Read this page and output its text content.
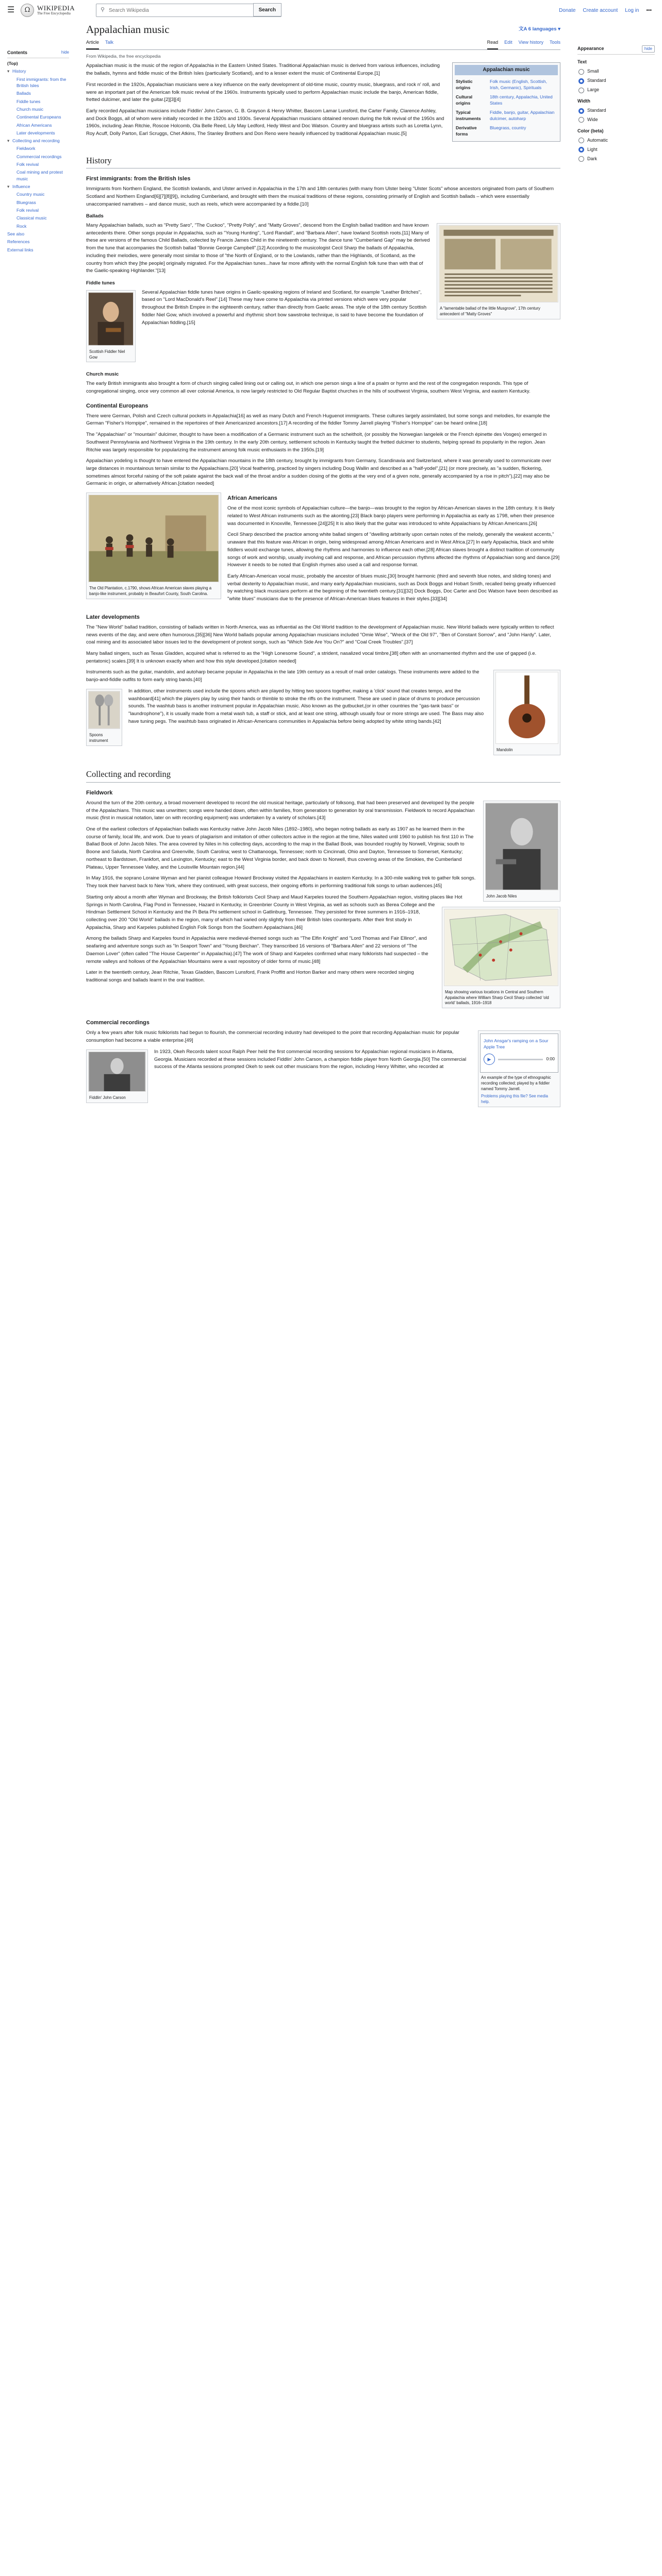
☰	Ω	WIKIPEDIA
The Free Encyclopedia
⚲
Search Wikipedia	Search	Donate Create account Log in •••
Contents	hide
(Top)
▾ History
First immigrants: from the British Isles
Ballads
Fiddle tunes
Church music
Continental Europeans
African Americans
Later developments
▾ Collecting and recording
Fieldwork
Commercial recordings
Folk revival
Coal mining and protest music
▾ Influence
Country music
Bluegrass
Folk revival
Classical music
Rock
See also
References
External links
Appalachian music	文A 6 languages ▾
Article Talk	Read Edit View history Tools
From Wikipedia, the free encyclopedia
Appalachian music
Stylistic origins	Folk music (English, Scottish, Irish, Germanic), Spirituals
Cultural origins	18th century, Appalachia, United States
Typical instruments	Fiddle, banjo, guitar, Appalachian dulcimer, autoharp
Derivative forms	Bluegrass, country

Appalachian music is the music of the region of Appalachia in the Eastern United States. Traditional Appalachian music is derived from various influences, including the ballads, hymns and fiddle music of the British Isles (particularly Scotland), and to a lesser extent the music of Continental Europe.[1]

First recorded in the 1920s, Appalachian musicians were a key influence on the early development of old-time music, country music, bluegrass, and rock n' roll, and were an important part of the American folk music revival of the 1960s. Instruments typically used to perform Appalachian music include the banjo, American fiddle, fretted dulcimer, and later the guitar.[2][3][4]

Early recorded Appalachian musicians include Fiddlin' John Carson, G. B. Grayson & Henry Whitter, Bascom Lamar Lunsford, the Carter Family, Clarence Ashley, and Dock Boggs, all of whom were initially recorded in the 1920s and 1930s. Several Appalachian musicians obtained renown during the folk revival of the 1950s and 1960s, including Jean Ritchie, Roscoe Holcomb, Ola Belle Reed, Lily May Ledford, Hedy West and Doc Watson. Country and bluegrass artists such as Loretta Lynn, Roy Acuff, Dolly Parton, Earl Scruggs, Chet Atkins, The Stanley Brothers and Don Reno were heavily influenced by traditional Appalachian music.[5]

History
First immigrants: from the British Isles

Immigrants from Northern England, the Scottish lowlands, and Ulster arrived in Appalachia in the 17th and 18th centuries (with many from Ulster being "Ulster Scots" whose ancestors originated from parts of Southern Scotland and Northern England[6][7][8][9]), including Cumberland, and brought with them the musical traditions of these regions, consisting primarily of English and Scottish ballads – which were essentially unaccompanied narratives – and dance music, such as reels, which were accompanied by a fiddle.[10]

Ballads
A "lamentable ballad of the little Musgrove", 17th century antecedent of "Matty Groves"

Many Appalachian ballads, such as "Pretty Saro", "The Cuckoo", "Pretty Polly", and "Matty Groves", descend from the English ballad tradition and have known antecedents there. Other songs popular in Appalachia, such as "Young Hunting", "Lord Randall", and "Barbara Allen", have lowland Scottish roots.[11] Many of these are versions of the famous Child Ballads, collected by Francis James Child in the nineteenth century. The dance tune "Cumberland Gap" may be derived from the tune that accompanies the Scottish ballad "Bonnie George Campbell".[12] According to the musicologist Cecil Sharp the ballads of Appalachia, including their melodies, were generally most similar to those of "the North of England, or to the Lowlands, rather than the Highlands, of Scotland, as the country from which they [the people] originally migrated. For the Appalachian tunes...have far more affinity with the normal English folk tune than with that of the Gaelic-speaking Highlander."[13]

Fiddle tunes
Scottish Fiddler Niel Gow

Several Appalachian fiddle tunes have origins in Gaelic-speaking regions of Ireland and Scotland, for example "Leather Britches", based on "Lord MacDonald's Reel".[14] These may have come to Appalachia via printed versions which were very popular throughout the British Empire in the eighteenth century, rather than directly from Gaelic areas. The style of the 18th century Scottish fiddler Niel Gow, which involved a powerful and rhythmic short bow sawstroke technique, is said to have become the foundation of Appalachian fiddling.[15]

Church music

The early British immigrants also brought a form of church singing called lining out or calling out, in which one person sings a line of a psalm or hymn and the rest of the congregation responds. This type of congregational singing, once very common all over colonial America, is now largely restricted to Old Regular Baptist churches in the hills of southwest Virginia, southern West Virginia, and eastern Kentucky.

Continental Europeans

There were German, Polish and Czech cultural pockets in Appalachia[16] as well as many Dutch and French Huguenot immigrants. These cultures largely assimilated, but some songs and melodies, for example the German "Fisher's Hornpipe", remained in the repertoires of their Americanized ancestors.[17] A recording of the fiddler Tommy Jarrell playing "Fisher's Hornpipe" can be heard online.[18]

The "Appalachian" or "mountain" dulcimer, thought to have been a modification of a Germanic instrument such as the scheitholt, (or possibly the Norwegian langeleik or the French épinette des Vosges) emerged in Southwest Pennsylvania and Northwest Virginia in the 19th century. In the early 20th century, settlement schools in Kentucky taught the fretted dulcimer to students, helping spread its popularity in the region. Jean Ritchie was largely responsible for popularizing the instrument among folk music enthusiasts in the 1950s.[19]

Appalachian yodeling is thought to have entered the Appalachian mountains in the 18th century, brought by immigrants from Germany, Scandinavia and Switzerland, where it was generally used to communicate over large distances in mountainous terrain similar to the Appalachians.[20] Vocal feathering, practiced by singers including Doug Wallin and described as a "half-yodel",[21] (or more precisely, as "a sudden, flickering, sometimes almost forceful raising of the soft palate against the back wall of the throat and/or a sudden closing of the glottis at the very end of a given note, generally accompanied by a rise in pitch"),[22] may also be Germanic in origin, or alternatively African.[citation needed]

The Old Plantation, c.1790, shows African American slaves playing a banjo-like instrument, probably in Beaufort County, South Carolina.
African Americans

One of the most iconic symbols of Appalachian culture—the banjo—was brought to the region by African-American slaves in the 18th century. It is likely related to West African instruments such as the akonting.[23] Black banjo players were performing in Appalachia as early as 1798, when their presence was documented in Knoxville, Tennessee.[24][25] It is also likely that the guitar was introduced to white Appalachians by African Americans.[26]

Cecil Sharp described the practice among white ballad singers of "dwelling arbitrarily upon certain notes of the melody, generally the weakest accents," unaware that this feature was African in origin, being widespread among African Americans and in West Africa.[27] In early Appalachia, black and white fiddlers would exchange tunes, allowing the rhythms and harmonies to influence each other.[28] African slaves brought a distinct tradition of community songs of work and worship, usually involving call and response, and African percussion rhythms affected the rhythms of Appalachian song and dance.[29] However it needs to be noted that English rhymes also used a call and response format.

Early African-American vocal music, probably the ancestor of blues music,[30] brought harmonic (third and seventh blue notes, and sliding tones) and verbal dexterity to Appalachian music, and many early Appalachian musicians, such as Dock Boggs and Hobart Smith, recalled being greatly influenced by watching black musicians perform at the beginning of the twentieth century.[31][32] Dock Boggs, Doc Carter and Doc Watson have been described as "white blues" musicians due to the presence of African-American blues features in their styles.[33][34]

Later developments

The "New World" ballad tradition, consisting of ballads written in North America, was as influential as the Old World tradition to the development of Appalachian music. New World ballads were typically written to reflect news events of the day, and were often humorous.[35][36] New World ballads popular among Appalachian musicians included "Omie Wise", "Wreck of the Old 97", "Ben of Constant Sorrow", and "John Hardy". Later, coal mining and its associated labor issues led to the development of protest songs, such as "Which Side Are You On?" and "Coal Creek Troubles".[37]

Many ballad singers, such as Texas Gladden, acquired what is referred to as the "High Lonesome Sound", a strident, nasalized vocal timbre,[38] often with an unornamented rhythm and the use of gapped (i.e. pentatonic) scales.[39] It is unknown exactly when and how this style developed.[citation needed]

Mandolin

Instruments such as the guitar, mandolin, and autoharp became popular in Appalachia in the late 19th century as a result of mail order catalogs. These instruments were added to the banjo-and-fiddle outfits to form early string bands.[40]

Spoons instrument

In addition, other instruments used include the spoons which are played by hitting two spoons together, making a 'click' sound that creates tempo, and the washboard[41] which the players play by using their hands or thimble to stroke the riffs on the instrument. These are used in place of drums to produce percussion sounds. The washtub bass is another instrument popular in Appalachian music. Also known as the gutbucket,(or in other countries the "gas-tank bass" or "laundrophone"), it is usually made from a metal wash tub, a staff or stick, and at least one string, although usually four or more strings are used. The Bass may also have tuning pegs. The washtub bass originated in African-Americans communities in Appalachia before being adopted by white string bands.[42]

Collecting and recording
Fieldwork
John Jacob Niles

Around the turn of the 20th century, a broad movement developed to record the old musical heritage, particularly of folksong, that had been preserved and developed by the people of the Appalachians. This music was unwritten; songs were handed down, often within families, from generation to generation by oral transmission. Fieldwork to record Appalachian music (first in musical notation, later on with recording equipment) was undertaken by a variety of scholars.[43]

One of the earliest collectors of Appalachian ballads was Kentucky native John Jacob Niles (1892–1980), who began noting ballads as early as 1907 as he learned them in the course of family, local life, and work. Due to years of plagiarism and imitation of other collectors active in the region at the time, Niles waited until 1960 to publish his first 110 in The Ballad Book of John Jacob Niles. The area covered by Niles in his collecting days, according to the map in the Ballad Book, was bounded roughly by Norwell, Virginia; south to Boone and Saluda, North Carolina and Greenville, South Carolina; west to Chattanooga, Tennessee; north to Cincinnati, Ohio and Dayton, Tennessee to Somerset, Kentucky; northeast to Bardstown, Frankfort, and Lexington, Kentucky; east to the West Virginia border, and back down to Norwell, thus covering areas of the Smokies, the Cumberland Plateau, Upper Tennessee Valley, and the Louisville Mountain region.[44]

In May 1916, the soprano Loraine Wyman and her pianist colleague Howard Brockway visited the Appalachians in eastern Kentucky. In a 300-mile walking trek to gather folk songs. They took their harvest back to New York, where they continued, with great success, their ongoing efforts in performing traditional folk songs to urban audiences.[45]

Map showing various locations in Central and Southern Appalachia where William Sharp Cecil Sharp collected 'old world' ballads, 1916–1918

Starting only about a month after Wyman and Brockway, the British folklorists Cecil Sharp and Maud Karpeles toured the Southern Appalachian region, visiting places like Hot Springs in North Carolina, Flag Pond in Tennessee, Hazard in Kentucky, in Greenbrier County in West Virginia, as well as schools such as Berea College and the Hindman Settlement School in Kentucky and the Pi Beta Phi settlement school in Gatlinburg, Tennessee. They persisted for three summers in 1916–1918, collecting over 200 "Old World" ballads in the region, many of which had varied only slightly from their British Isles counterparts. After their first study in Appalachia, Sharp and Karpeles published English Folk Songs from the Southern Appalachians.[46]

Among the ballads Sharp and Karpeles found in Appalachia were medieval-themed songs such as "The Elfin Knight" and "Lord Thomas and Fair Ellinor", and seafaring and adventure songs such as "In Seaport Town" and "Young Beichan". They transcribed 16 versions of "Barbara Allen" and 22 versions of "The Daemon Lover" (often called "The House Carpenter" in Appalachia).[47] The work of Sharp and Karpeles confirmed what many folklorists had suspected – the remote valleys and hollows of the Appalachian Mountains were a vast repository of older forms of music.[48]

Later in the twentieth century, Jean Ritchie, Texas Gladden, Bascom Lunsford, Frank Proffitt and Horton Barker and many others were recorded singing traditional songs and ballads learnt in the oral tradition.

Commercial recordings
John Ansgar's ramping on a Sour Apple Tree
▶	0:00
An example of the type of ethnographic recording collected; played by a fiddler named Tommy Jarrell.
Problems playing this file? See media help.

Only a few years after folk music folklorists had begun to flourish, the commercial recording industry had developed to the point that recording Appalachian music for popular consumption had become a viable enterprise.[49]

Fiddlin' John Carson

In 1923, Okeh Records talent scout Ralph Peer held the first commercial recording sessions for Appalachian regional musicians in Atlanta, Georgia. Musicians recorded at these sessions included Fiddlin' John Carson, a champion fiddle player from North Georgia.[50] The commercial success of the Atlanta sessions prompted Okeh to seek out other musicians from the region, including Henry Whitter, who recorded at

Appearance	hide
Text
Small
Standard
Large
Width
Standard
Wide
Color (beta)
Automatic
Light
Dark
